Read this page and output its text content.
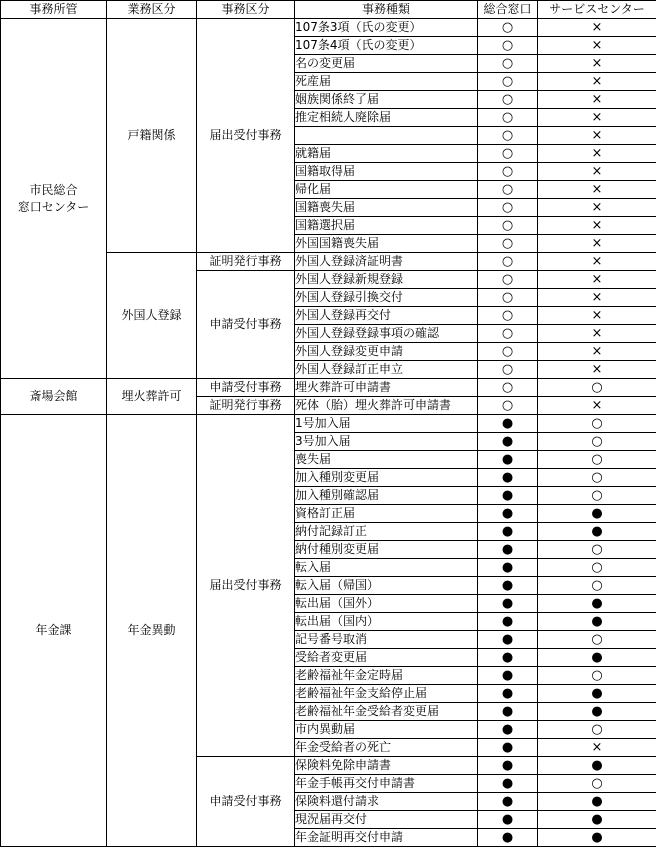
事務所管	業務区分	事務区分	事務種類	総合窓口	サービスセンター
市民総合
窓口センター	戸籍関係	届出受付事務	107条3項（氏の変更）	○	×
			107条4項（氏の変更）	○	×
			名の変更届	○	×
			死産届	○	×
			姻族関係終了届	○	×
			推定相続人廃除届	○	×
				○	×
			就籍届	○	×
			国籍取得届	○	×
			帰化届	○	×
			国籍喪失届	○	×
			国籍選択届	○	×
			外国国籍喪失届	○	×
	外国人登録	証明発行事務	外国人登録済証明書	○	×
		申請受付事務	外国人登録新規登録	○	×
			外国人登録引換交付	○	×
			外国人登録再交付	○	×
			外国人登録登録事項の確認	○	×
			外国人登録変更申請	○	×
			外国人登録訂正申立	○	×
斎場会館	埋火葬許可	申請受付事務	埋火葬許可申請書	○	○
		証明発行事務	死体（胎）埋火葬許可申請書	○	×
年金課	年金異動	届出受付事務	1号加入届	●	○
			3号加入届	●	○
			喪失届	●	○
			加入種別変更届	●	○
			加入種別確認届	●	○
			資格訂正届	●	●
			納付記録訂正	●	●
			納付種別変更届	●	○
			転入届	●	○
			転入届（帰国）	●	○
			転出届（国外）	●	●
			転出届（国内）	●	●
			記号番号取消	●	○
			受給者変更届	●	●
			老齢福祉年金定時届	●	○
			老齢福祉年金支給停止届	●	●
			老齢福祉年金受給者変更届	●	●
			市内異動届	●	○
			年金受給者の死亡	●	×
		申請受付事務	保険料免除申請書	●	●
			年金手帳再交付申請書	●	○
			保険料還付請求	●	●
			現況届再交付	●	●
			年金証明再交付申請	●	●
